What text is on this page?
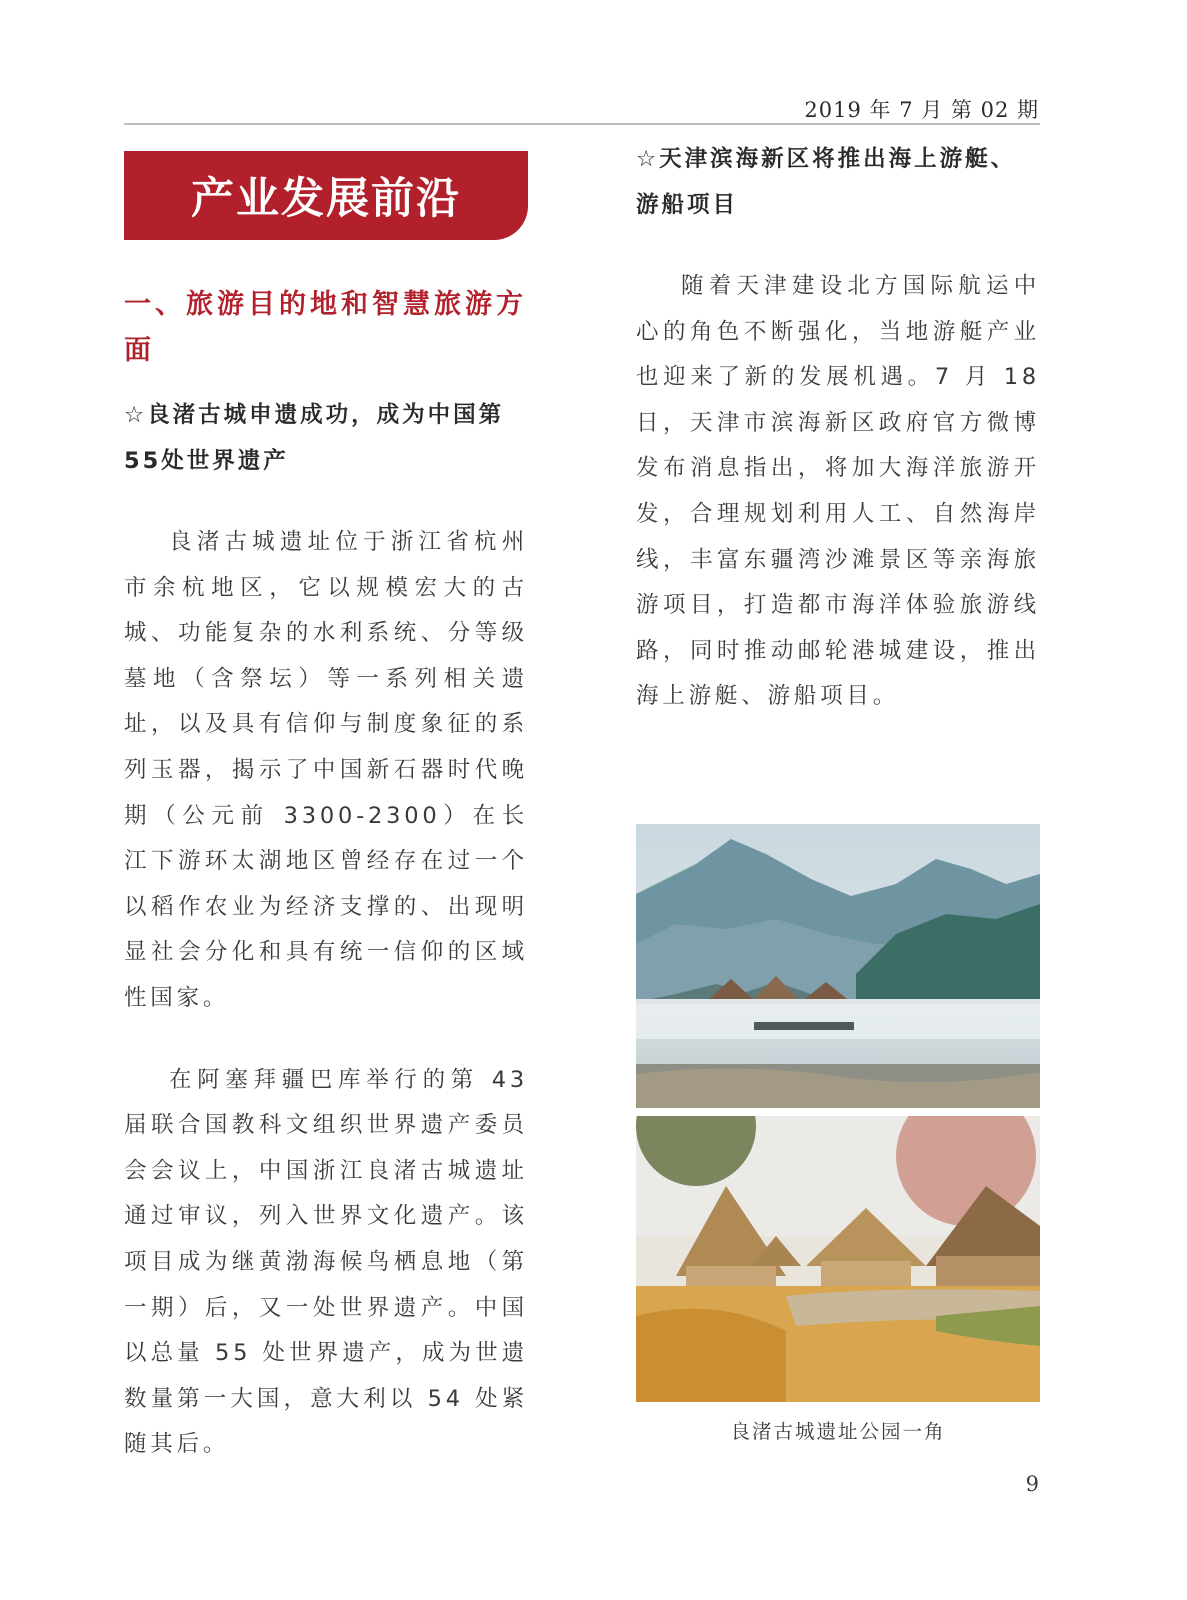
2019 年 7 月 第 02 期
产业发展前沿

一、旅游目的地和智慧旅游方面

☆良渚古城申遗成功，成为中国第55处世界遗产

良渚古城遗址位于浙江省杭州市余杭地区，它以规模宏大的古城、功能复杂的水利系统、分等级墓地（含祭坛）等一系列相关遗址，以及具有信仰与制度象征的系列玉器，揭示了中国新石器时代晚期（公元前 3300-2300）在长江下游环太湖地区曾经存在过一个以稻作农业为经济支撑的、出现明显社会分化和具有统一信仰的区域性国家。

在阿塞拜疆巴库举行的第 43 届联合国教科文组织世界遗产委员会会议上，中国浙江良渚古城遗址通过审议，列入世界文化遗产。该项目成为继黄渤海候鸟栖息地（第一期）后，又一处世界遗产。中国以总量 55 处世界遗产，成为世遗数量第一大国，意大利以 54 处紧随其后。

☆天津滨海新区将推出海上游艇、游船项目

随着天津建设北方国际航运中心的角色不断强化，当地游艇产业也迎来了新的发展机遇。7 月 18 日，天津市滨海新区政府官方微博发布消息指出，将加大海洋旅游开发，合理规划利用人工、自然海岸线，丰富东疆湾沙滩景区等亲海旅游项目，打造都市海洋体验旅游线路，同时推动邮轮港城建设，推出海上游艇、游船项目。

良渚古城遗址公园一角
9
